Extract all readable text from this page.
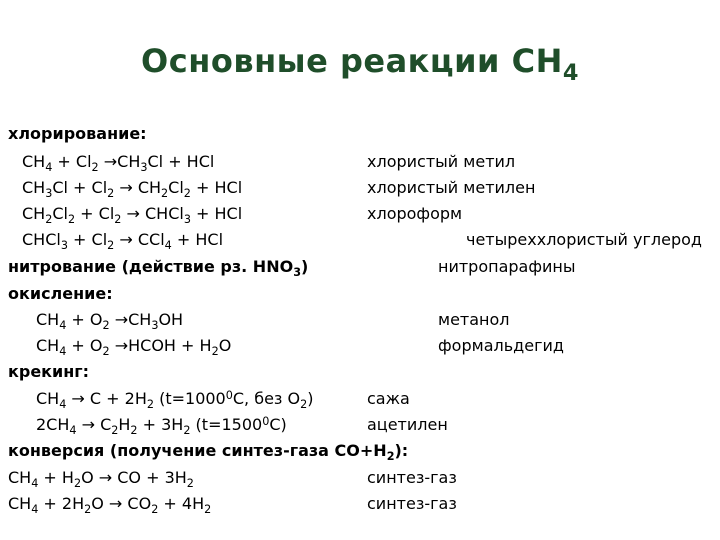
Основные реакции $CH_4$
хлорирование:
$CH_4 + Cl_2 \to CH_3Cl$ + HCl	хлористый метил
$CH_3Cl + Cl_2 \to CH_2Cl_2$ + HCl	хлористый метилен
$CH_2Cl_2 + Cl_2$ → CHCl$_3$ + HCl	хлороформ
CHCl$_3$ + $Cl_2 \to CCl_4$ + HCl	четыреххлористый углерод
нитрование (действие рз. $HNO_3$)	нитропарафины
окисление:
$CH_4 + O_2 \to CH_3OH$	метанол
$CH_4 + O_2$ →HCOH + $H_2O$	формальдегид
крекинг:
$CH_4 \to C + 2H_2$ ($t=1000^0C$, без $O_2$)	сажа
$2CH_4 \to C_2H_2 + 3H_2$ $(t=1500^0C)$	ацетилен
конверсия (получение синтез-газа $CO+H_2$):
$CH_4 + H_2O$ → CO + $3H_2$	синтез-газ
$CH_4 + 2H_2O \to CO_2 + 4H_2$	синтез-газ
